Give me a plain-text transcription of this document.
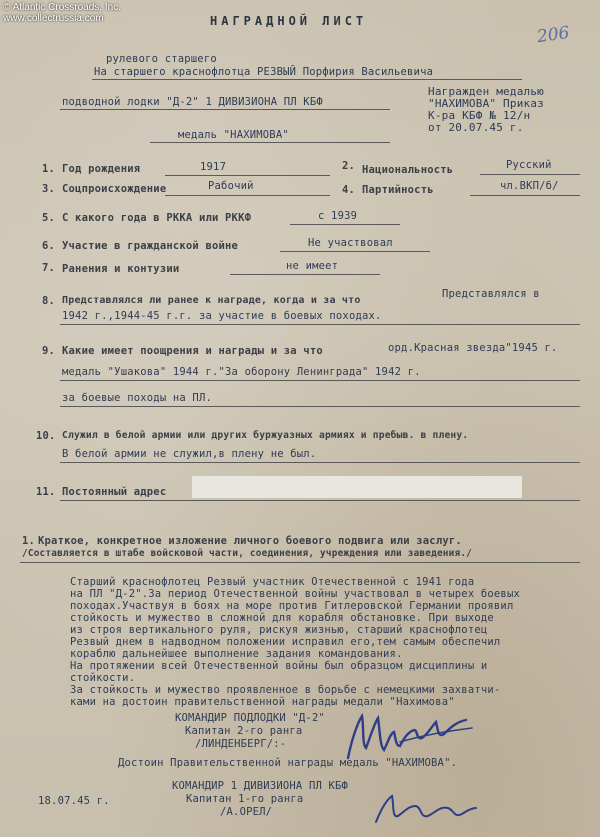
© Atlantic Crossroads, Inc.
www.collectrussia.com
206
НАГРАДНОЙ ЛИСТ
рулевого старшего
На старшего краснофлотца РЕЗВЫЙ Порфирия Васильевича
подводной лодки "Д-2" 1 ДИВИЗИОНА ПЛ КБФ
медаль "НАХИМОВА"
Награжден медалью
"НАХИМОВА" Приказ
К-ра КБФ № 12/н
от 20.07.45 г.
1. Год рождения	1917	2. Национальность	Русский
3. Соцпроисхождение	Рабочий	4. Партийность	чл.ВКП/б/
5. С какого года в РККА или РККФ	с 1939
6. Участие в гражданской войне	Не участвовал
7. Ранения и контузии	не имеет
8. Представлялся ли ранее к награде, когда и за что
Представлялся в
1942 г.,1944-45 г.г. за участие в боевых походах.
9. Какие имеет поощрения и награды и за что	орд.Красная звезда"1945 г.
медаль "Ушакова" 1944 г."За оборону Ленинграда" 1942 г.
за боевые походы на ПЛ.
10. Служил в белой армии или других буржуазных армиях и пребыв. в плену.
В белой армии не служил,в плену не был.
11. Постоянный адрес
1. Краткое, конкретное изложение личного боевого подвига или заслуг.
/Составляется в штабе войсковой части, соединения, учреждения или заведения./
Старший краснофлотец Резвый участник Отечественной с 1941 года
на ПЛ "Д-2".За период Отечественной войны участвовал в четырех боевых
походах.Участвуя в боях на море против Гитлеровской Германии проявил
стойкость и мужество в сложной для корабля обстановке. При выходе
из строя вертикального руля, рискуя жизнью, старший краснофлотец
Резвый днем в надводном положении исправил его,тем самым обеспечил
кораблю дальнейшее выполнение задания командования.
На протяжении всей Отечественной войны был образцом дисциплины и
стойкости.
За стойкость и мужество проявленное в борьбе с немецкими захватчи-
ками на достоин правительственной награды медали "Нахимова"
КОМАНДИР ПОДЛОДКИ "Д-2"
Капитан 2-го ранга
/ЛИНДЕНБЕРГ/:-
Достоин Правительственной награды медаль "НАХИМОВА".
18.07.45 г.
КОМАНДИР 1 ДИВИЗИОНА ПЛ КБФ
Капитан 1-го ранга
/А.ОРЕЛ/
